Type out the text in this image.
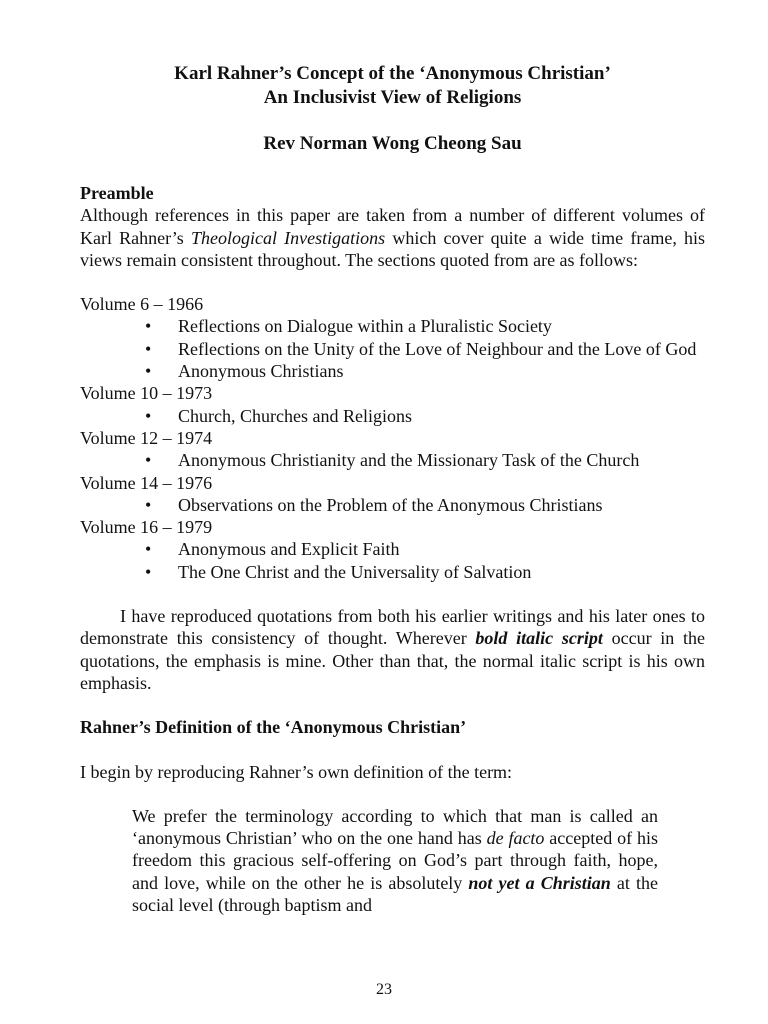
Karl Rahner’s Concept of the ‘Anonymous Christian’

An Inclusivist View of Religions

Rev Norman Wong Cheong Sau

Preamble

Although references in this paper are taken from a number of different volumes of Karl Rahner’s Theological Investigations which cover quite a wide time frame, his views remain consistent throughout. The sections quoted from are as follows:

Volume 6 – 1966

• Reflections on Dialogue within a Pluralistic Society
• Reflections on the Unity of the Love of Neighbour and the Love of God
• Anonymous Christians

Volume 10 – 1973

• Church, Churches and Religions

Volume 12 – 1974

• Anonymous Christianity and the Missionary Task of the Church

Volume 14 – 1976

• Observations on the Problem of the Anonymous Christians

Volume 16 – 1979

• Anonymous and Explicit Faith
• The One Christ and the Universality of Salvation

I have reproduced quotations from both his earlier writings and his later ones to demonstrate this consistency of thought. Wherever bold italic script occur in the quotations, the emphasis is mine. Other than that, the normal italic script is his own emphasis.

Rahner’s Definition of the ‘Anonymous Christian’

I begin by reproducing Rahner’s own definition of the term:

We prefer the terminology according to which that man is called an ‘anonymous Christian’ who on the one hand has de facto accepted of his freedom this gracious self-offering on God’s part through faith, hope, and love, while on the other he is absolutely not yet a Christian at the social level (through baptism and

23
